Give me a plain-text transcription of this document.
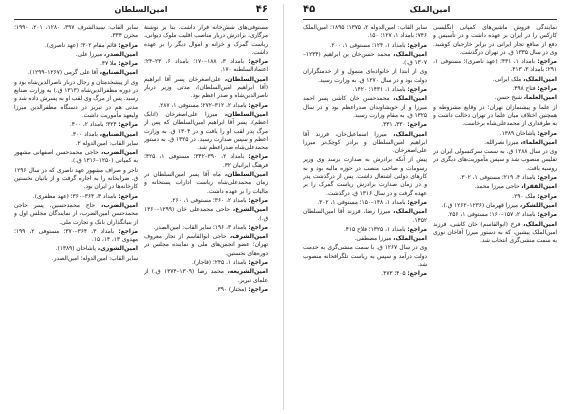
۴۶
امین‌السلطان
مستوفی‌های شش‌خانه قرار داشت. بنا بر نوشتهٔ مرگاری، برادرش دربار مناصب اقلیت ملوک دیوانی، ریاست گمرک و خزانه و اموال دیگر را بر عهده داشت.
مراجع: بامداد ۳، ۱۸۸–۱۷۰؛ بامداد ۶، ۲۳–۲۴؛ اعتمادالسلطنه ۱۷۰.
امین‌السلطان، علی‌اصغرخان پسر آقا ابراهیم (آقا ابراهیم امین‌السلطان)، مدتی وزیر دربار ناصرالدین‌شاه و صدر اعظم بود.
مراجع: بامداد ۲، ۳۱۲–۲۷۲؛ مستوفی ۱، ۲۸۷.
امین‌السلطان، میرزا علی‌اصغرخان (اتابک اعظم)، پسر آقا ابراهیم امین‌السلطان که پس از مرگ پدر لقب او را یافت و در ۱۳۰۴ ق. به وزارت اعظم و سپس صدارت رسید. در ۱۳۲۵ ق. به دستور محمدعلی‌شاه صدراعظم شد.
مراجع: بامداد ۲، ۳۹۰–۳۴۲؛ مستوفی ۱، ۴۲۵؛ فرهنگ ایرانیان ۳۲.
امین‌السلطان، ماه آقا پسر امین‌السلطان در زمان محمدعلی‌شاه ریاست ادارات پستخانه و مالیات را بر عهده داشت.
مراجع: بامداد ۲، ۳۶۰؛ مستوفی ۱، ۲۶۰.
امین‌الشرع، حاجی محمدعلی خان (۱۲۹۹–۱۳۶۰ ق.).
مراجع: بامداد ۳، ۱۹۶؛ سایر القاب: امین‌الصدر.
امین‌الشرف، حاجی ابوالقاسم از تجار معروف تهران؛ عضو انجمن‌های ملی و نماینده مجلس در دوره‌های نخستین.
مراجع: بامداد ۱، ۲۴۵؛ (قاجار).
امین‌الشریعه، محمد رضا (۱۳۰۹–۱۳۷۴ ق.) از علمای تبریز.
مراجع: (مختار) ۳۹۰.
سایر القاب: سیدالشرف ۳۹۷، ۱۲۸۰، ۲۰۱، ۱۹۹۰؛ مخزن ۳۳۴.
مراجع: قائم مقام ۳۰۲؛ (عهد ناصری).
امین‌الصدر، میرزا علی.
مراجع: ملا ۴۷.
امین‌الصنایع، آقا علی گرمی (۱۲۶۷–۱۲۹۹).
وی از پیشخدمتان و رجال دربار ناصرالدین‌شاه بود و در دوره مظفرالدین‌شاه (۱۳۱۳ ق.) به وزارت صنایع رسید. پس از مرگ وی لقب او به پسرش داده شد و مدتی هم در تبریز در دستگاه مظفرالدین میرزا ولیعهد مأموریت داشت.
مراجع: ۳۲۴؛ بامداد ۲، ۴۰۰.
امین‌الصنایع، بامداد ۳۰۰.
سایر القاب: امین‌الدوله ۲.
امین‌الضرب، حاجی محمدحسن اصفهانی مشهور به کمپانی (۱۲۵۰–۱۳۱۶ ق.).
تاجر و صراف مشهور عهد ناصری که در سال ۱۲۹۶ ق. ضرابخانه را به اجاره گرفت و از بانیان نخستین کارخانه‌ها در ایران بود.
مراجع: بامداد ۳، ۳۶۴–۳۶۰؛ (عهد مظفری).
امین‌الضرب، حاج محمدحسین، پسر حاجی محمدحسن امین‌الضرب، از نمایندگان مجلس اول و از بنیانگذاران بانک و تجارت ملی.
مراجع: بامداد ۳، ۳۶۴–۳۷۰؛ مستوفی ۲، ۱۹۹؛ مهدوی ۱۳، ۱۴، ۱۵.
امین‌الشوری، پاشاخان (۱۳۸۹).
سایر القاب: امین‌الدوله؛ امین‌الصدر.
۴۵	امین‌الملک
نمایندگی فروش ماشین‌های کمپانی انگلیسی کارکس را در ایران بر عهده داشت و در تأسیس و دفع از منافع تجار ایرانی در برابر خارجیان کوشید. وی در سال ۱۳۳۵ ق. در تهران درگذشت.
مراجع: بامداد ۱، ۴۳۱؛ (عهد ناصری)؛ مستوفی ۱، ۲۹۱؛ بامداد ۳، ۴۱۳.
امین‌الملک، ملک ایرانی.
مراجع: فتاح ۴۹۸.
امین‌العلما، شیخ حسن.
از علما و پیشنمازان تهران؛ در وقایع مشروطه و همچنین اختلاف میان علما در تهران دخالت داشت و به طرفداری از محمدعلی‌شاه برخاست.
مراجع: پاشاخان ۱۳۸۹.
امین‌العلماء، میرزا نصرالله.
وی در سال ۱۲۸۸ ق. به سمت سرکنسولی ایران در تفلیس منصوب شد و سپس مأموریت‌های دیگری در روسیه یافت.
مراجع: بامداد ۴، ۲۱۹؛ مستوفی ۱، ۳۰۲.
امین‌الفقرا، حاجی میرزا محمد.
مراجع: ملک ۲۹۰.
امین‌اللشکر، میرزا قهرمان (۱۲۳۶–۱۲۶۲ ق.).
مراجع: بامداد ۲، ۱۵۷–۱۶۰؛ مستوفی ۱، ۲۵۶.
امین‌الملک، فرخ (ابوالقاسم) خان کاشی، فرزند امین‌الملک پیشین، که به دستور میرزا آقاخان نوری به سمت منشی‌گری انتخاب شد.
سایر القاب: امین‌الدوله ۲، ۱۳۷۵؛ ۱۸۹۵؛ امین‌الملک ۷۴۶؛ بامداد ۱، ۱۲۷؛ ۱۵۰.
مراجع: بامداد ۱، ۱۲۴؛ مستوفی ۱، ۲۰۰.
امین‌الملک، محمد حسن‌خان بن ابراهیم (۱۲۳۴–۱۳۰۷ ق.).
وی از ابتدا از خانواده‌ای متمول و از خدمتگزاران دولت بود و در سال ۱۲۷۰ ق. به وزارت رسید.
مراجع: بامداد ۱، ۱۴۳۱؛ ۱۴۲۰.
امین‌الملک، محمدحسن خان کاشی پسر احمد میرزا و از خویشاوندان صدراعظم بود و در سال ۱۳۲۵ ق. به مقام وزارت رسید.
مراجع: ۳۳۰، ۳۳۱.
امین‌الملک، میرزا اسماعیل‌خان، فرزند آقا ابراهیم امین‌السلطان و برادر کوچک‌تر میرزا علی‌اصغرخان.
پیش از آنکه برادرش به صدارت برسد وی وزیر رسومات و صاحب منصب در حوزه مالیه بود و به کارهای دولتی اشتغال داشت. پس از درگذشت پدر و در زمان صدارت برادرش ریاست گمرک را بر عهده گرفت و در سال ۱۳۱۶ ق. درگذشت.
مراجع: بامداد ۱، ۱۴۸–۱۵۰؛ مستوفی ۱، ۳۰۲.
امین‌الملک، میرزا رضا، فرزند آقا امین‌السلطان ۱۴۵۲.
مراجع: بامداد ۱، ۱۳۲۵؛ فلاح ۴۱۵.
امین‌الملک، میرزا مصطفی.
وی در سال ۱۲۶۷ ق. با سمت منشی‌گری به خدمت دولت درآمد و سپس به ریاست تلگرافخانه منصوب شد.
مراجع: ۴۰۵؛ ۴۷۳.
